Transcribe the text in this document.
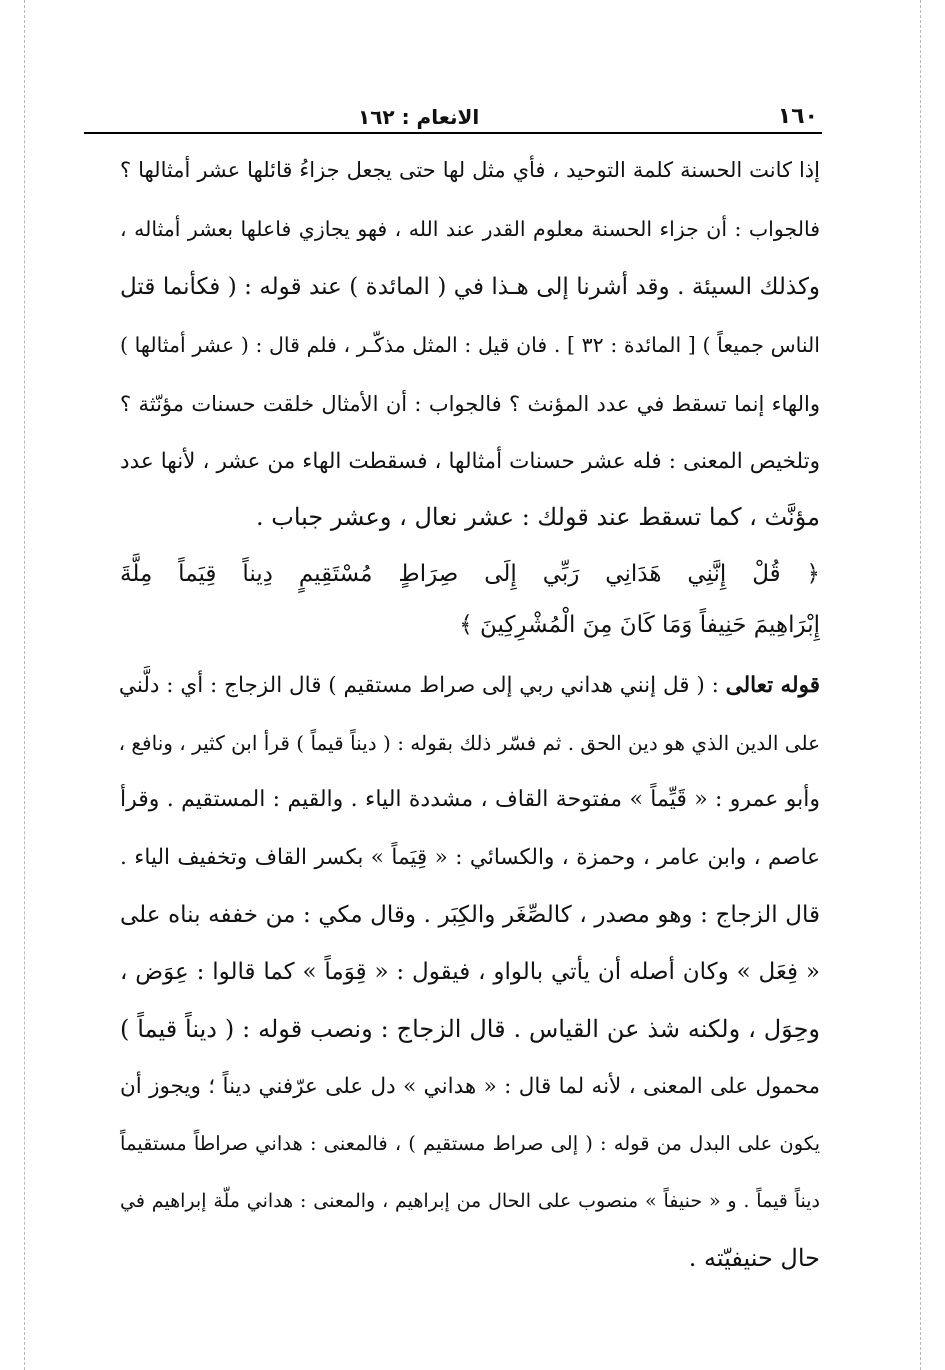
١٦٠
الانعام : ١٦٢
إذا كانت الحسنة كلمة التوحيد ، فأي مثل لها حتى يجعل جزاءُ قائلها عشر أمثالها ؟
فالجواب : أن جزاء الحسنة معلوم القدر عند الله ، فهو يجازي فاعلها بعشر أمثاله ،
وكذلك السيئة . وقد أشرنا إلى هـذا في ( المائدة ) عند قوله : ( فكأنما قتل
الناس جميعاً ) [ المائدة : ٣٢ ] . فان قيل : المثل مذكّـر ، فلم قال : ( عشر أمثالها )
والهاء إنما تسقط في عدد المؤنث ؟ فالجواب : أن الأمثال خلقت حسنات مؤنّثة ؟
وتلخيص المعنى : فله عشر حسنات أمثالها ، فسقطت الهاء من عشر ، لأنها عدد
مؤنَّث ، كما تسقط عند قولك : عشر نعال ، وعشر جباب .
﴿ قُلْ إِنَّنِي هَدَانِي رَبِّي إِلَى صِرَاطٍ مُسْتَقِيمٍ دِيناً قِيَماً مِلَّةَ
إِبْرَاهِيمَ حَنِيفاً وَمَا كَانَ مِنَ الْمُشْرِكِينَ ﴾
قوله تعالى : ( قل إنني هداني ربي إلى صراط مستقيم ) قال الزجاج : أي : دلَّني
على الدين الذي هو دين الحق . ثم فسّر ذلك بقوله : ( ديناً قيماً ) قرأ ابن كثير ، ونافع ،
وأبو عمرو : « قَيِّماً » مفتوحة القاف ، مشددة الياء . والقيم : المستقيم . وقرأ
عاصم ، وابن عامر ، وحمزة ، والكسائي : « قِيَماً » بكسر القاف وتخفيف الياء .
قال الزجاج : وهو مصدر ، كالصِّغَر والكِبَر . وقال مكي : من خففه بناه على
« فِعَل » وكان أصله أن يأتي بالواو ، فيقول : « قِوَماً » كما قالوا : عِوَض ،
وحِوَل ، ولكنه شذ عن القياس . قال الزجاج : ونصب قوله : ( ديناً قيماً )
محمول على المعنى ، لأنه لما قال : « هداني » دل على عرّفني ديناً ؛ ويجوز أن
يكون على البدل من قوله : ( إلى صراط مستقيم ) ، فالمعنى : هداني صراطاً مستقيماً
ديناً قيماً . و « حنيفاً » منصوب على الحال من إبراهيم ، والمعنى : هداني ملّة إبراهيم في
حال حنيفيّته .
